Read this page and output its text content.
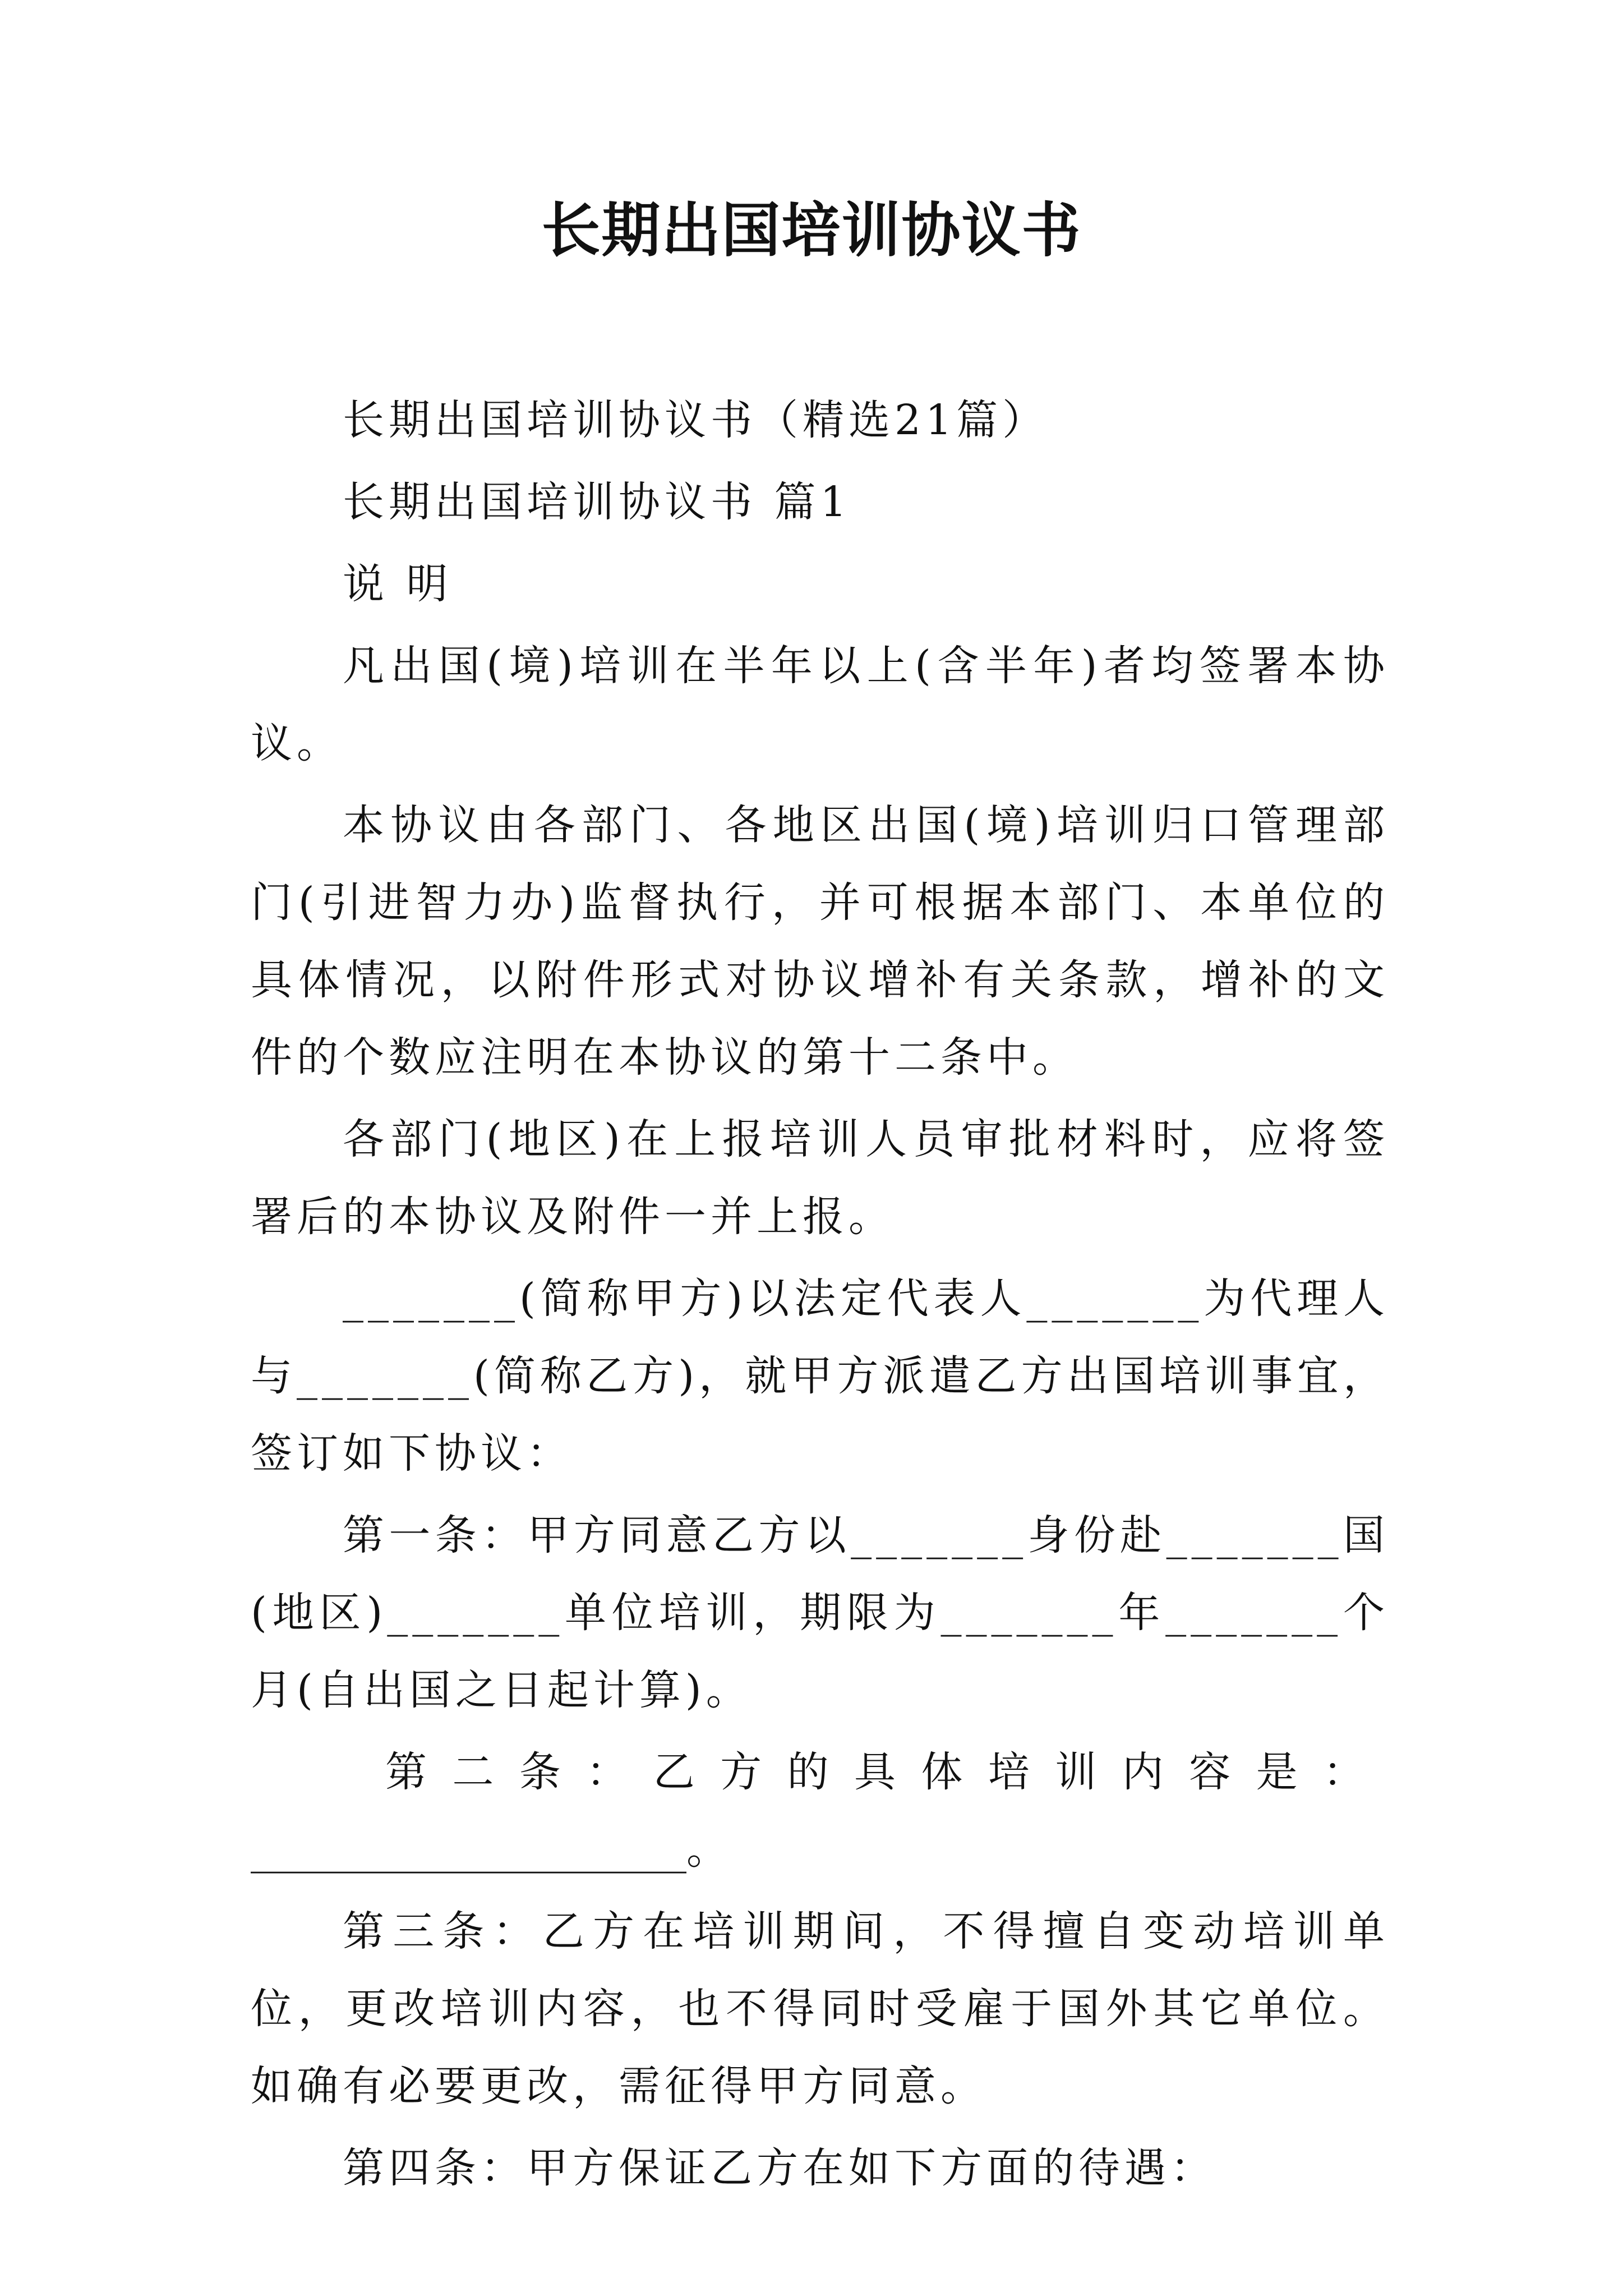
长期出国培训协议书

长期出国培训协议书（精选21篇）

长期出国培训协议书 篇1

说 明

凡出国(境)培训在半年以上(含半年)者均签署本协议。

本协议由各部门、各地区出国(境)培训归口管理部门(引进智力办)监督执行，并可根据本部门、本单位的具体情况，以附件形式对协议增补有关条款，增补的文件的个数应注明在本协议的第十二条中。

各部门(地区)在上报培训人员审批材料时，应将签署后的本协议及附件一并上报。

_______(简称甲方)以法定代表人_______为代理人与_______(简称乙方)，就甲方派遣乙方出国培训事宜，签订如下协议：

第一条：甲方同意乙方以_______身份赴_______国(地区)_______单位培训，期限为_______年_______个月(自出国之日起计算)。

第二条：乙方的具体培训内容是：

_____________________。

第三条：乙方在培训期间，不得擅自变动培训单位，更改培训内容，也不得同时受雇于国外其它单位。如确有必要更改，需征得甲方同意。

第四条：甲方保证乙方在如下方面的待遇：
